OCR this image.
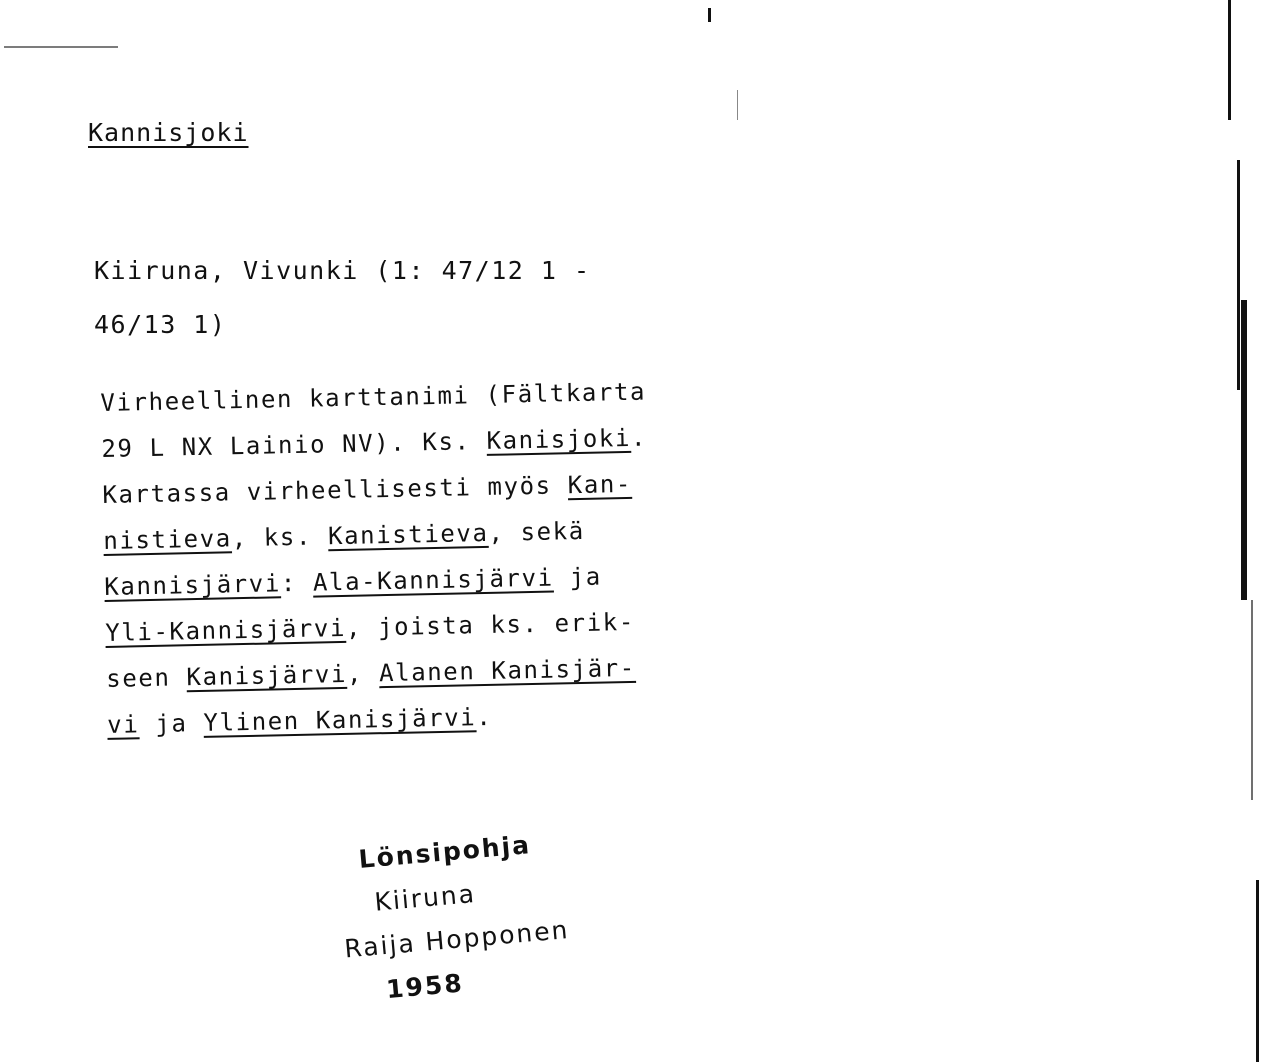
Kannisjoki
Kiiruna, Vivunki (1: 47/12 1 -
46/13 1)
Virheellinen karttanimi (Fältkarta
29 L NX Lainio NV). Ks. Kanisjoki.
Kartassa virheellisesti myös Kan-
nistieva, ks. Kanistieva, sekä
Kannisjärvi: Ala-Kannisjärvi ja
Yli-Kannisjärvi, joista ks. erik-
seen Kanisjärvi, Alanen Kanisjär-
vi ja Ylinen Kanisjärvi.
Lönsipohja
Kiiruna
Raija Hopponen
1958
